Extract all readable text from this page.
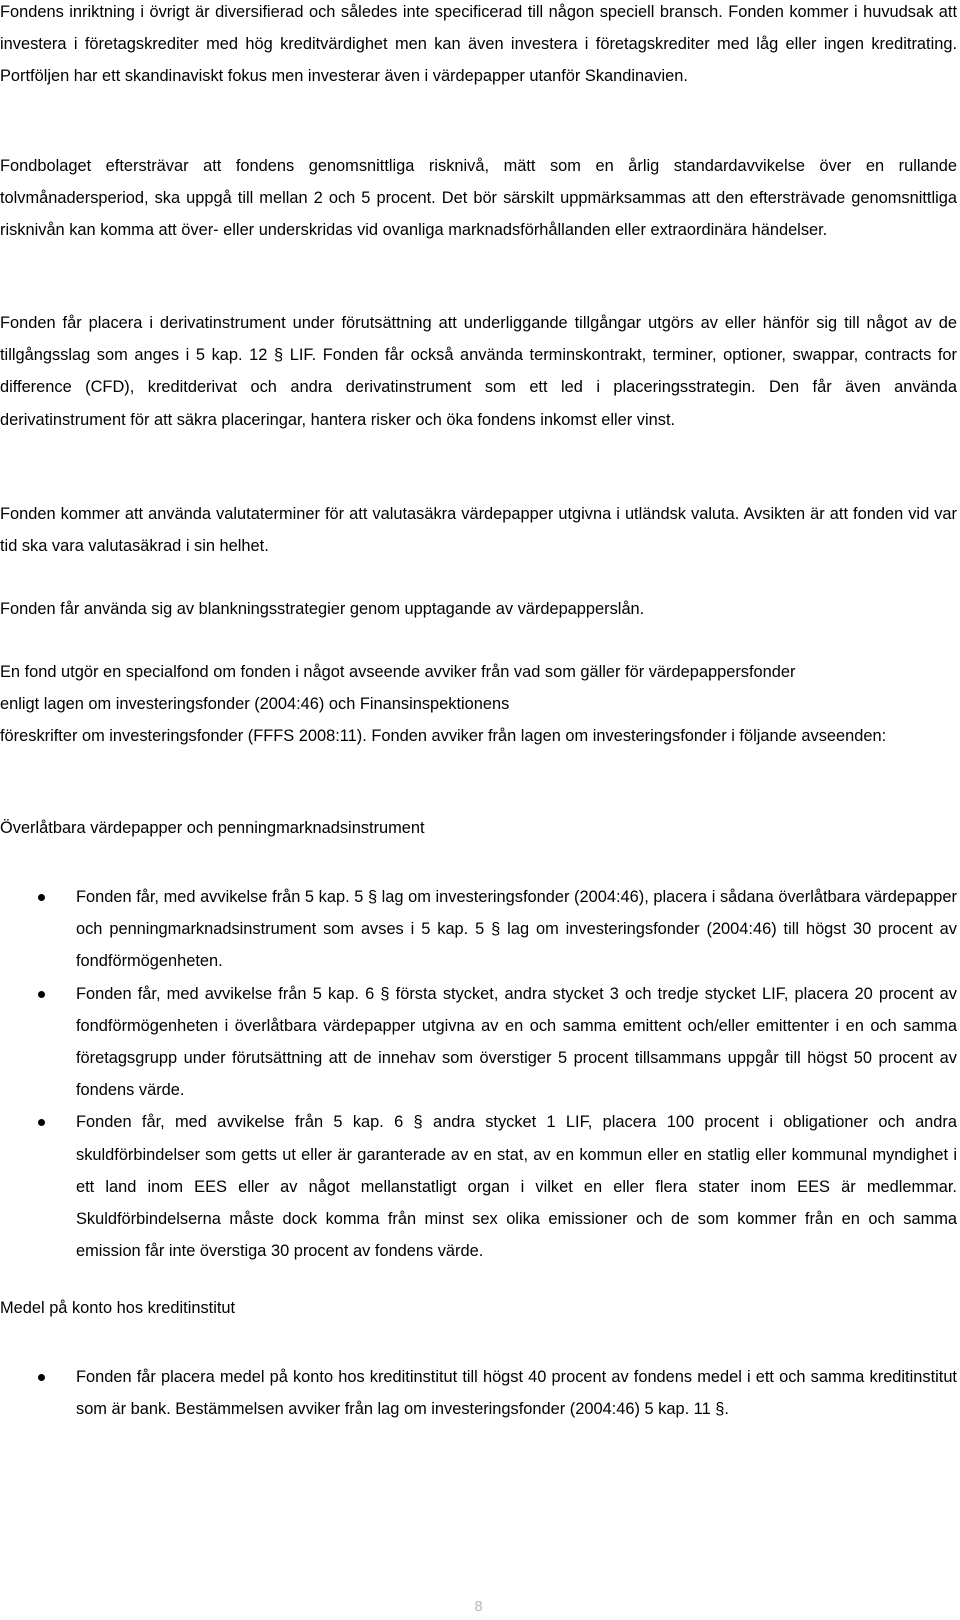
Fondens inriktning i övrigt är diversifierad och således inte specificerad till någon speciell bransch. Fonden kommer i huvudsak att investera i företagskrediter med hög kreditvärdighet men kan även investera i företagskrediter med låg eller ingen kreditrating. Portföljen har ett skandinaviskt fokus men investerar även i värdepapper utanför Skandinavien.

Fondbolaget eftersträvar att fondens genomsnittliga risknivå, mätt som en årlig standardavvikelse över en rullande tolvmånadersperiod, ska uppgå till mellan 2 och 5 procent. Det bör särskilt uppmärksammas att den eftersträvade genomsnittliga risknivån kan komma att över- eller underskridas vid ovanliga marknadsförhållanden eller extraordinära händelser.

Fonden får placera i derivatinstrument under förutsättning att underliggande tillgångar utgörs av eller hänför sig till något av de tillgångsslag som anges i 5 kap. 12 § LIF. Fonden får också använda terminskontrakt, terminer, optioner, swappar, contracts for difference (CFD), kreditderivat och andra derivatinstrument som ett led i placeringsstrategin. Den får även använda derivatinstrument för att säkra placeringar, hantera risker och öka fondens inkomst eller vinst.

Fonden kommer att använda valutaterminer för att valutasäkra värdepapper utgivna i utländsk valuta. Avsikten är att fonden vid var tid ska vara valutasäkrad i sin helhet.

Fonden får använda sig av blankningsstrategier genom upptagande av värdepapperslån.

En fond utgör en specialfond om fonden i något avseende avviker från vad som gäller för värdepappersfonder
enligt lagen om investeringsfonder (2004:46) och Finansinspektionens
föreskrifter om investeringsfonder (FFFS 2008:11). Fonden avviker från lagen om investeringsfonder i följande avseenden:

Överlåtbara värdepapper och penningmarknadsinstrument

Fonden får, med avvikelse från 5 kap. 5 § lag om investeringsfonder (2004:46), placera i sådana överlåtbara värdepapper och penningmarknadsinstrument som avses i 5 kap. 5 § lag om investeringsfonder (2004:46) till högst 30 procent av fondförmögenheten.
Fonden får, med avvikelse från 5 kap. 6 § första stycket, andra stycket 3 och tredje stycket LIF, placera 20 procent av fondförmögenheten i överlåtbara värdepapper utgivna av en och samma emittent och/eller emittenter i en och samma företagsgrupp under förutsättning att de innehav som överstiger 5 procent tillsammans uppgår till högst 50 procent av fondens värde.
Fonden får, med avvikelse från 5 kap. 6 § andra stycket 1 LIF, placera 100 procent i obligationer och andra skuldförbindelser som getts ut eller är garanterade av en stat, av en kommun eller en statlig eller kommunal myndighet i ett land inom EES eller av något mellanstatligt organ i vilket en eller flera stater inom EES är medlemmar. Skuldförbindelserna måste dock komma från minst sex olika emissioner och de som kommer från en och samma emission får inte överstiga 30 procent av fondens värde.

Medel på konto hos kreditinstitut

Fonden får placera medel på konto hos kreditinstitut till högst 40 procent av fondens medel i ett och samma kreditinstitut som är bank. Bestämmelsen avviker från lag om investeringsfonder (2004:46) 5 kap. 11 §.
8
